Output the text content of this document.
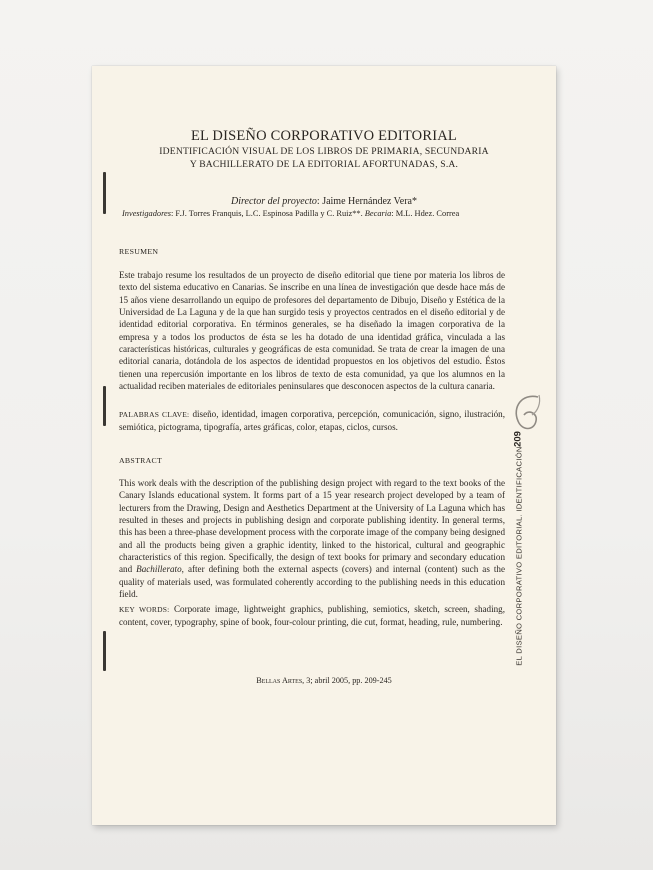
EL DISEÑO CORPORATIVO EDITORIAL
IDENTIFICACIÓN VISUAL DE LOS LIBROS DE PRIMARIA, SECUNDARIA
Y BACHILLERATO DE LA EDITORIAL AFORTUNADAS, S.A.
Director del proyecto: Jaime Hernández Vera*
Investigadores: F.J. Torres Franquis, L.C. Espinosa Padilla y C. Ruiz**. Becaria: M.L. Hdez. Correa
RESUMEN
Este trabajo resume los resultados de un proyecto de diseño editorial que tiene por materia los libros de texto del sistema educativo en Canarias. Se inscribe en una línea de investigación que desde hace más de 15 años viene desarrollando un equipo de profesores del departamento de Dibujo, Diseño y Estética de la Universidad de La Laguna y de la que han surgido tesis y proyectos centrados en el diseño editorial y de identidad editorial corporativa. En términos generales, se ha diseñado la imagen corporativa de la empresa y a todos los productos de ésta se les ha dotado de una identidad gráfica, vinculada a las características históricas, culturales y geográficas de esta comunidad. Se trata de crear la imagen de una editorial canaria, dotándola de los aspectos de identidad propuestos en los objetivos del estudio. Éstos tienen una repercusión importante en los libros de texto de esta comunidad, ya que los alumnos en la actualidad reciben materiales de editoriales peninsulares que desconocen aspectos de la cultura canaria.
PALABRAS CLAVE: diseño, identidad, imagen corporativa, percepción, comunicación, signo, ilustración, semiótica, pictograma, tipografía, artes gráficas, color, etapas, ciclos, cursos.
ABSTRACT
This work deals with the description of the publishing design project with regard to the text books of the Canary Islands educational system. It forms part of a 15 year research project developed by a team of lecturers from the Drawing, Design and Aesthetics Department at the University of La Laguna which has resulted in theses and projects in publishing design and corporate publishing identity. In general terms, this has been a three-phase development process with the corporate image of the company being designed and all the products being given a graphic identity, linked to the historical, cultural and geographic characteristics of this region. Specifically, the design of text books for primary and secondary education and Bachillerato, after defining both the external aspects (covers) and internal (content) such as the quality of materials used, was formulated coherently according to the publishing needs in this education field.
KEY WORDS: Corporate image, lightweight graphics, publishing, semiotics, sketch, screen, shading, content, cover, typography, spine of book, four-colour printing, die cut, format, heading, rule, numbering.
Bellas Artes, 3; abril 2005, pp. 209-245
209
EL DISEÑO CORPORATIVO EDITORIAL. IDENTIFICACIÓN
